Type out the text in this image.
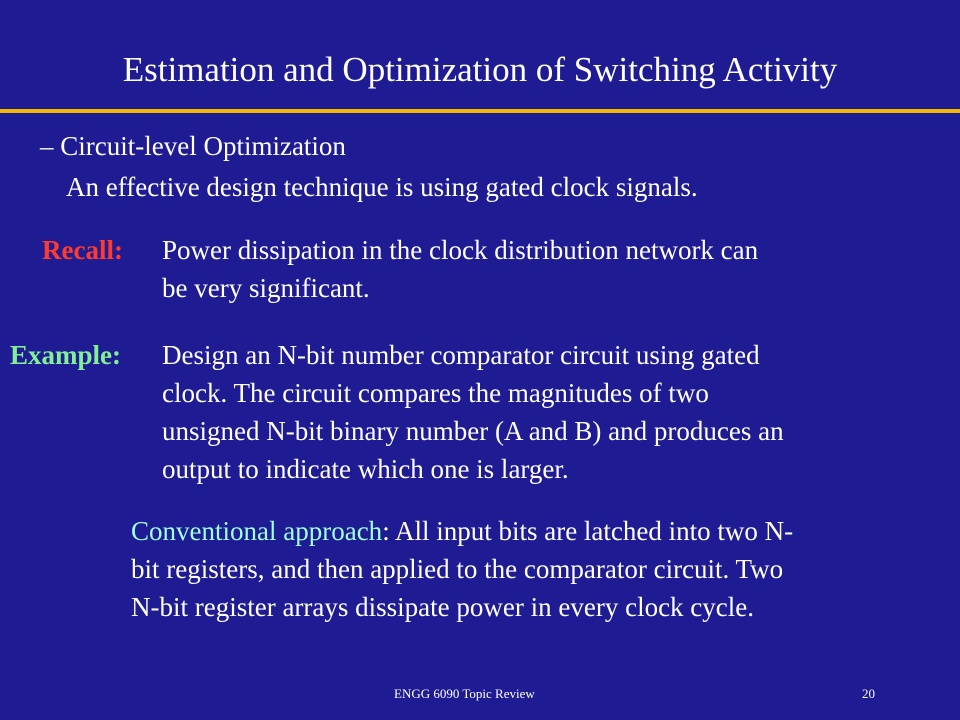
Estimation and Optimization of Switching Activity
– Circuit-level Optimization
An effective design technique is using gated clock signals.
Recall: Power dissipation in the clock distribution network can
be very significant.
Example: Design an N-bit number comparator circuit using gated
clock. The circuit compares the magnitudes of two
unsigned N-bit binary number (A and B) and produces an
output to indicate which one is larger.
Conventional approach: All input bits are latched into two N-
bit registers, and then applied to the comparator circuit. Two
N-bit register arrays dissipate power in every clock cycle.
ENGG 6090 Topic Review	20
